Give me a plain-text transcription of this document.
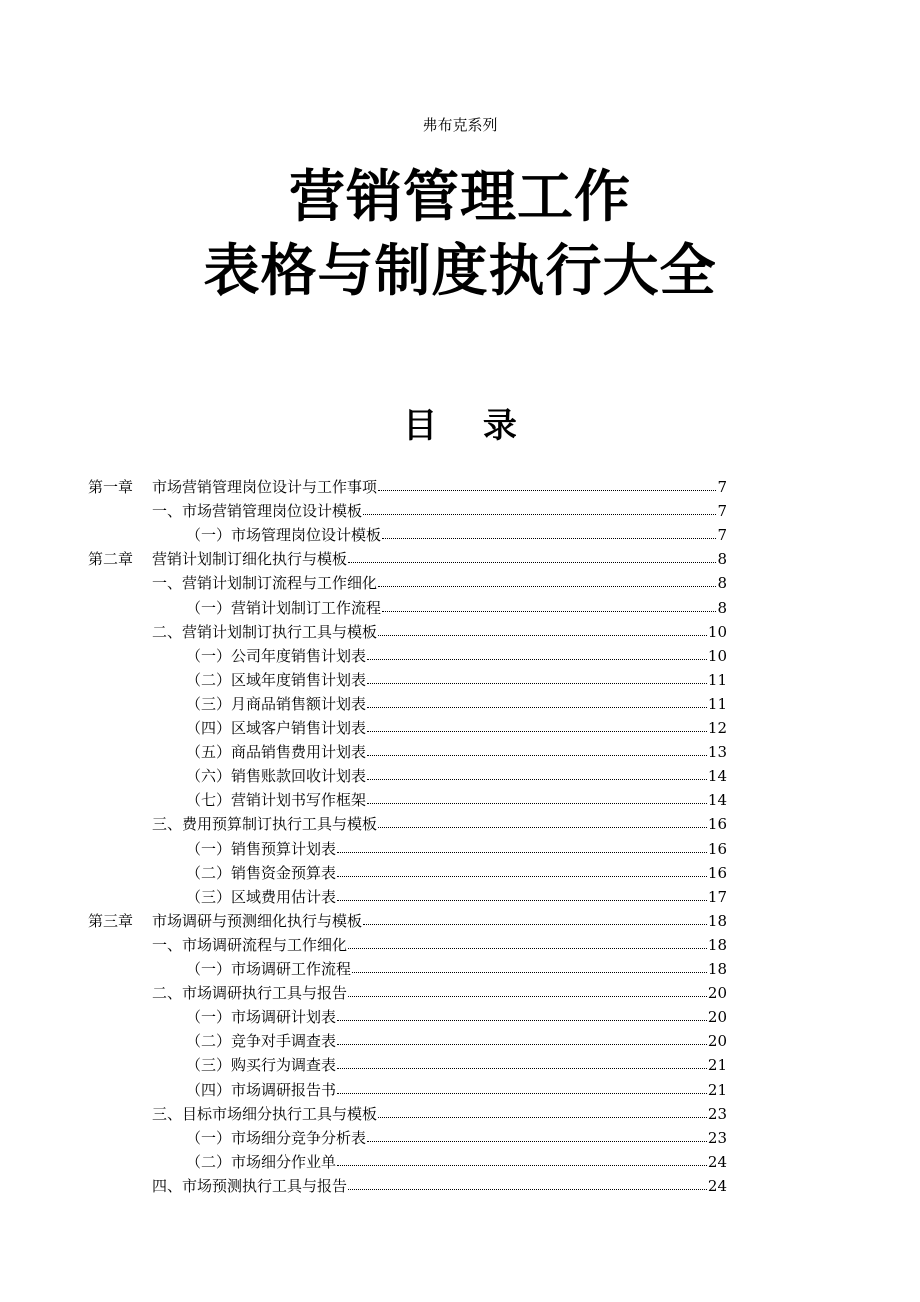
弗布克系列
营销管理工作
表格与制度执行大全
目 录
第一章 市场营销管理岗位设计与工作事项	7
一、市场营销管理岗位设计模板	7
（一）市场管理岗位设计模板	7
第二章 营销计划制订细化执行与模板	8
一、营销计划制订流程与工作细化	8
（一）营销计划制订工作流程	8
二、营销计划制订执行工具与模板	10
（一）公司年度销售计划表	10
（二）区域年度销售计划表	11
（三）月商品销售额计划表	11
（四）区域客户销售计划表	12
（五）商品销售费用计划表	13
（六）销售账款回收计划表	14
（七）营销计划书写作框架	14
三、费用预算制订执行工具与模板	16
（一）销售预算计划表	16
（二）销售资金预算表	16
（三）区域费用估计表	17
第三章 市场调研与预测细化执行与模板	18
一、市场调研流程与工作细化	18
（一）市场调研工作流程	18
二、市场调研执行工具与报告	20
（一）市场调研计划表	20
（二）竞争对手调查表	20
（三）购买行为调查表	21
（四）市场调研报告书	21
三、目标市场细分执行工具与模板	23
（一）市场细分竞争分析表	23
（二）市场细分作业单	24
四、市场预测执行工具与报告	24
